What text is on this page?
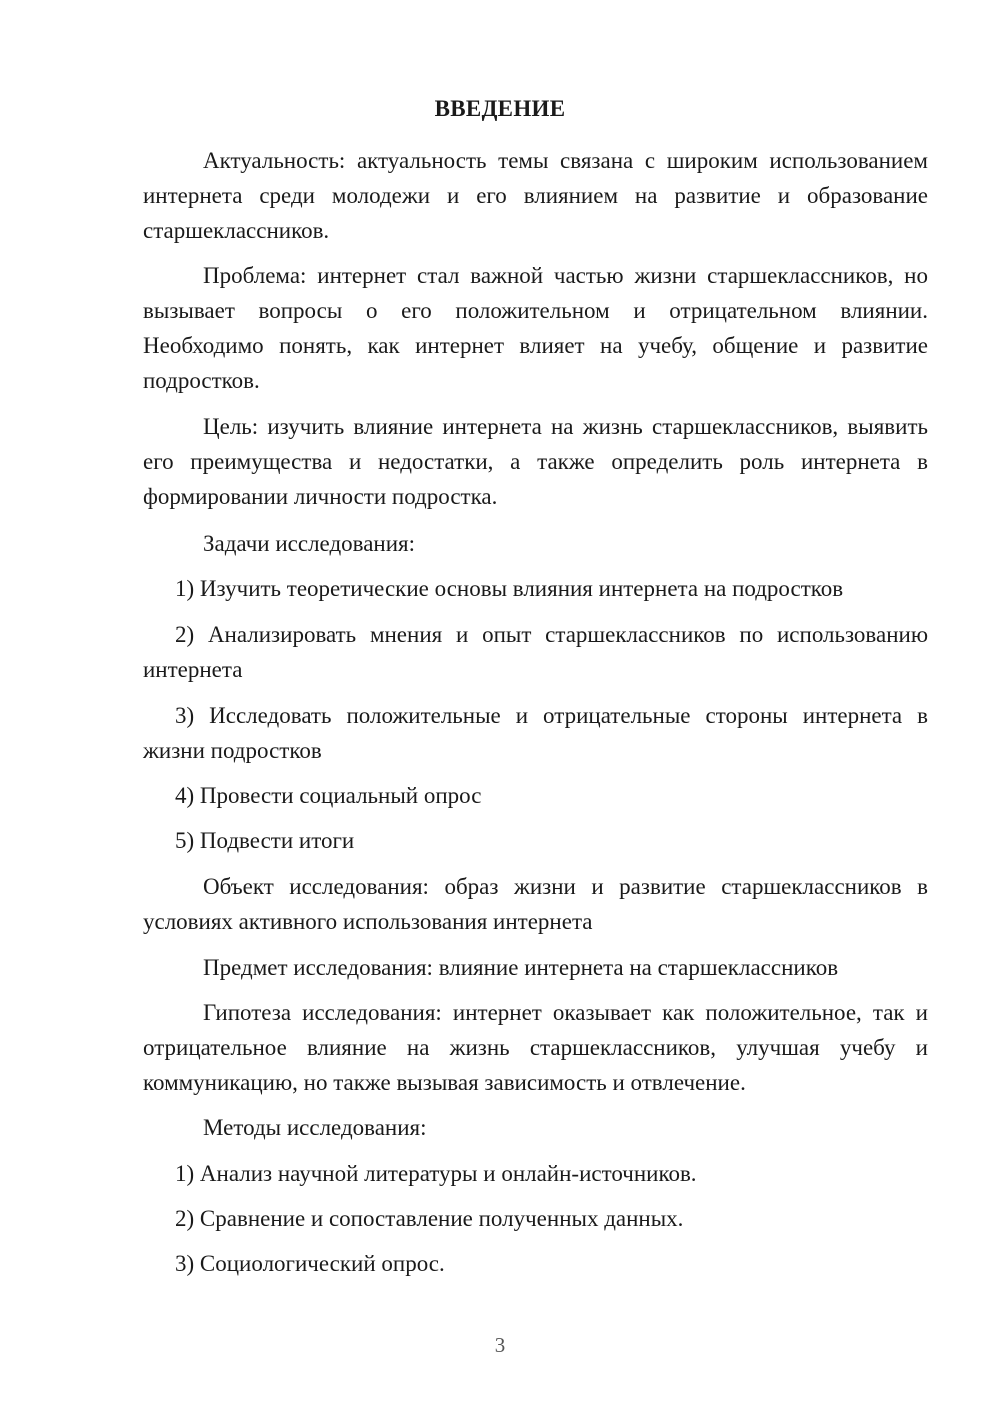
ВВЕДЕНИЕ

Актуальность: актуальность темы связана с широким использованием интернета среди молодежи и его влиянием на развитие и образование старшеклассников.

Проблема: интернет стал важной частью жизни старшеклассников, но вызывает вопросы о его положительном и отрицательном влиянии. Необходимо понять, как интернет влияет на учебу, общение и развитие подростков.

Цель: изучить влияние интернета на жизнь старшеклассников, выявить его преимущества и недостатки, а также определить роль интернета в формировании личности подростка.

Задачи исследования:

1) Изучить теоретические основы влияния интернета на подростков

2) Анализировать мнения и опыт старшеклассников по использованию интернета

3) Исследовать положительные и отрицательные стороны интернета в жизни подростков

4) Провести социальный опрос

5) Подвести итоги

Объект исследования: образ жизни и развитие старшеклассников в условиях активного использования интернета

Предмет исследования: влияние интернета на старшеклассников

Гипотеза исследования: интернет оказывает как положительное, так и отрицательное влияние на жизнь старшеклассников, улучшая учебу и коммуникацию, но также вызывая зависимость и отвлечение.

Методы исследования:

1) Анализ научной литературы и онлайн-источников.

2) Сравнение и сопоставление полученных данных.

3) Социологический опрос.

3
